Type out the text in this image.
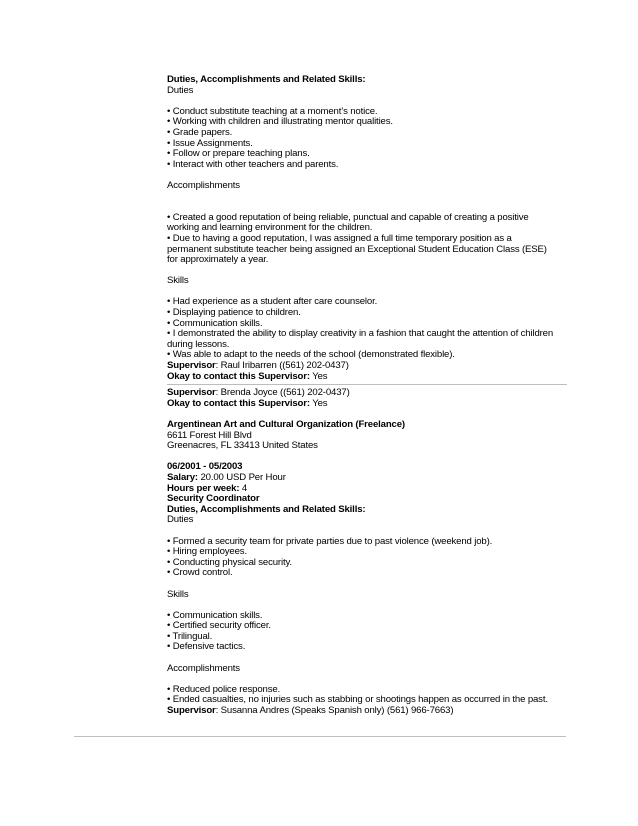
Duties, Accomplishments and Related Skills:
Duties
• Conduct substitute teaching at a moment’s notice.
• Working with children and illustrating mentor qualities.
• Grade papers.
• Issue Assignments.
• Follow or prepare teaching plans.
• Interact with other teachers and parents.
Accomplishments
• Created a good reputation of being reliable, punctual and capable of creating a positive
working and learning environment for the children.
• Due to having a good reputation, I was assigned a full time temporary position as a
permanent substitute teacher being assigned an Exceptional Student Education Class (ESE)
for approximately a year.
Skills
• Had experience as a student after care counselor.
• Displaying patience to children.
• Communication skills.
• I demonstrated the ability to display creativity in a fashion that caught the attention of children
during lessons.
• Was able to adapt to the needs of the school (demonstrated flexible).
Supervisor: Raul Iribarren ((561) 202-0437)
Okay to contact this Supervisor: Yes
Supervisor: Brenda Joyce ((561) 202-0437)
Okay to contact this Supervisor: Yes
Argentinean Art and Cultural Organization (Freelance)
6611 Forest Hill Blvd
Greenacres, FL 33413 United States
06/2001 - 05/2003
Salary: 20.00 USD Per Hour
Hours per week: 4
Security Coordinator
Duties, Accomplishments and Related Skills:
Duties
• Formed a security team for private parties due to past violence (weekend job).
• Hiring employees.
• Conducting physical security.
• Crowd control.
Skills
• Communication skills.
• Certified security officer.
• Trilingual.
• Defensive tactics.
Accomplishments
• Reduced police response.
• Ended casualties, no injuries such as stabbing or shootings happen as occurred in the past.
Supervisor: Susanna Andres (Speaks Spanish only) (561) 966-7663)
